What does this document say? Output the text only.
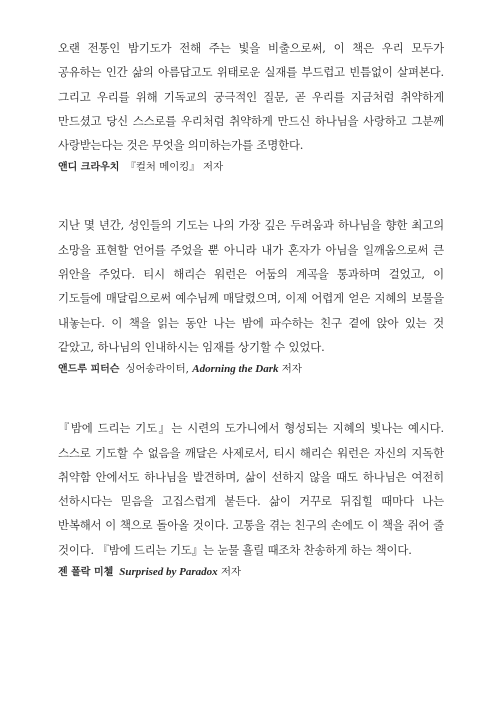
오랜 전통인 밤기도가 전해 주는 빛을 비출으로써, 이 책은 우리 모두가 공유하는 인간 삶의 아름답고도 위태로운 실재를 부드럽고 빈틈없이 살펴본다. 그리고 우리를 위해 기독교의 궁극적인 질문, 곧 우리를 지금처럼 취약하게 만드셨고 당신 스스로를 우리처럼 취약하게 만드신 하나님을 사랑하고 그분께 사랑받는다는 것은 무엇을 의미하는가를 조명한다.

앤디 크라우치 『컬처 메이킹』 저자

지난 몇 년간, 성인들의 기도는 나의 가장 깊은 두려움과 하나님을 향한 최고의 소망을 표현할 언어를 주었을 뿐 아니라 내가 혼자가 아님을 일깨움으로써 큰 위안을 주었다. 티시 해리슨 워런은 어둠의 계곡을 통과하며 걸었고, 이 기도들에 매달림으로써 예수님께 매달렸으며, 이제 어렵게 얻은 지혜의 보물을 내놓는다. 이 책을 읽는 동안 나는 밤에 파수하는 친구 곁에 앉아 있는 것 같았고, 하나님의 인내하시는 임재를 상기할 수 있었다.

앤드루 피터슨 싱어송라이터, Adorning the Dark 저자

『밤에 드리는 기도』는 시련의 도가니에서 형성되는 지혜의 빛나는 예시다. 스스로 기도할 수 없음을 깨달은 사제로서, 티시 해리슨 워런은 자신의 지독한 취약함 안에서도 하나님을 발견하며, 삶이 선하지 않을 때도 하나님은 여전히 선하시다는 믿음을 고집스럽게 붙든다. 삶이 거꾸로 뒤집힐 때마다 나는 반복해서 이 책으로 돌아올 것이다. 고통을 겪는 친구의 손에도 이 책을 쥐어 줄 것이다. 『밤에 드리는 기도』는 눈물 흘릴 때조차 찬송하게 하는 책이다.

젠 폴락 미첼 Surprised by Paradox 저자
